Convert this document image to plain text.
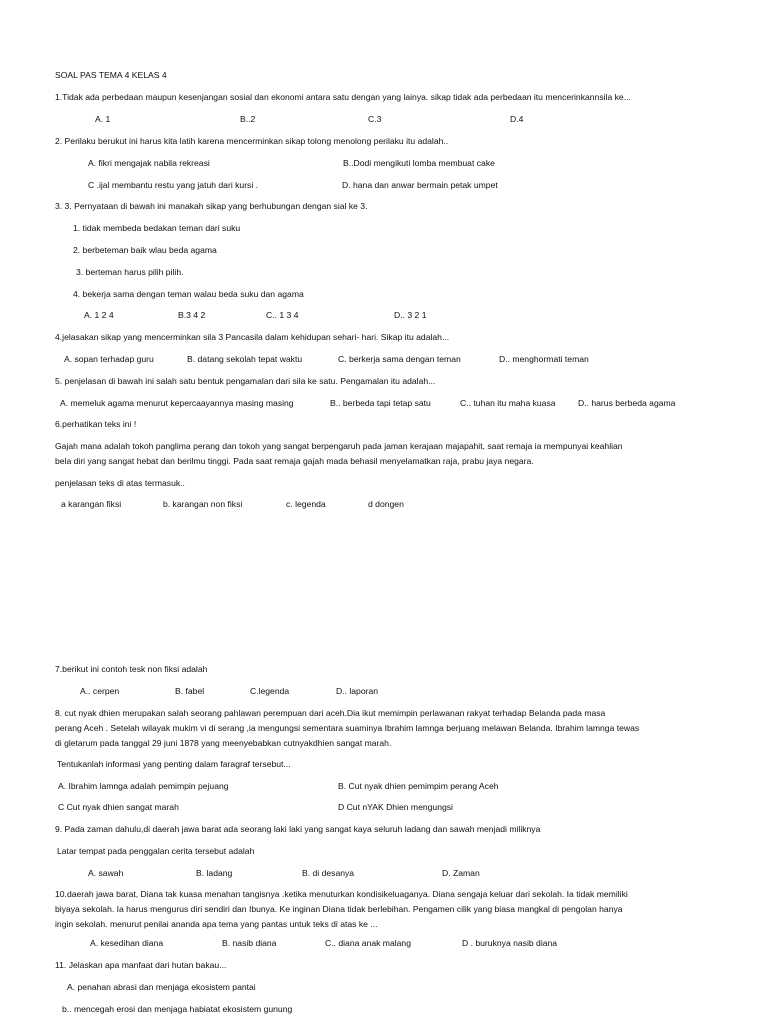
SOAL PAS TEMA 4 KELAS 4
1.Tidak ada perbedaan maupun kesenjangan sosial dan ekonomi antara satu dengan yang lainya. sikap tidak ada perbedaan itu mencerinkannsila ke...
A. 1	B..2	C.3	D.4
2. Perilaku berukut ini harus kita latih karena mencerminkan sikap tolong menolong perilaku itu adalah..
A. fikri mengajak nabila rekreasi	B..Dodi mengikuti lomba membuat cake
C .ijal membantu restu yang jatuh dari kursi .	D. hana dan anwar bermain petak umpet
3. 3. Pernyataan di bawah ini manakah sikap yang berhubungan dengan sial ke 3.
1. tidak membeda bedakan teman dari suku
2. berbeteman baik wlau beda agama
3. berteman harus pilih pilih.
4. bekerja sama dengan teman walau beda suku dan agama
A. 1 2 4	B.3 4 2	C.. 1 3 4	D.. 3 2 1
4.jelasakan sikap yang mencerminkan sila 3 Pancasila dalam kehidupan sehari- hari. Sikap itu adalah...
A. sopan terhadap guru	B. datang sekolah tepat waktu	C. berkerja sama dengan teman	D.. menghormati teman
5. penjelasan di bawah ini salah satu bentuk pengamalan dari sila ke satu. Pengamalan itu adalah...
A. memeluk agama menurut kepercaayannya masing masing	B.. berbeda tapi tetap satu	C.. tuhan itu maha kuasa	D.. harus berbeda agama
6.perhatikan teks ini !
Gajah mana adalah tokoh panglima perang dan tokoh yang sangat berpengaruh pada jaman kerajaan majapahit, saat remaja ia mempunyai keahlian
bela diri yang sangat hebat dan berilmu tinggi. Pada saat remaja gajah mada behasil menyelamatkan raja, prabu jaya negara.
penjelasan teks di atas termasuk..
a karangan fiksi	b. karangan non fiksi	c. legenda	d dongen
7.berikut ini contoh tesk non fiksi adalah
A.. cerpen	B. fabel	C.legenda	D.. laporan
8. cut nyak dhien merupakan salah seorang pahlawan perempuan dari aceh.Dia ikut memimpin perlawanan rakyat terhadap Belanda pada masa
perang Aceh . Setelah wilayak mukim vi di serang ,ia mengungsi sementara suaminya Ibrahim lamnga berjuang melawan Belanda. Ibrahim lamnga tewas
di gletarum pada tanggal 29 juni 1878 yang meenyebabkan cutnyakdhien sangat marah.
Tentukanlah informasi yang penting dalam faragraf tersebut...
A. Ibrahim lamnga adalah pemimpin pejuang	B. Cut nyak dhien pemimpim perang Aceh
C Cut nyak dhien sangat marah	D Cut nYAK Dhien mengungsi
9. Pada zaman dahulu,di daerah jawa barat ada seorang laki laki yang sangat kaya seluruh ladang dan sawah menjadi miliknya
Latar tempat pada penggalan cerita tersebut adalah
A. sawah	B. ladang	B. di desanya	D. Zaman
10.daerah jawa barat, Diana tak kuasa menahan tangisnya .ketika menuturkan kondisikeluaganya. Diana sengaja keluar dari sekolah. Ia tidak memiliki
biyaya sekolah. Ia harus mengurus diri sendiri dan Ibunya. Ke inginan Diana tidak berlebihan. Pengamen cilik yang biasa mangkal di pengolan hanya
ingin sekolah. menurut penilai ananda apa tema yang pantas untuk teks di atas ke ...
A. kesedihan diana	B. nasib diana	C.. diana anak malang	D . buruknya nasib diana
11. Jelaskan apa manfaat dari hutan bakau...
A. penahan abrasi dan menjaga ekosistem pantai
b.. mencegah erosi dan menjaga habiatat ekosistem gunung
